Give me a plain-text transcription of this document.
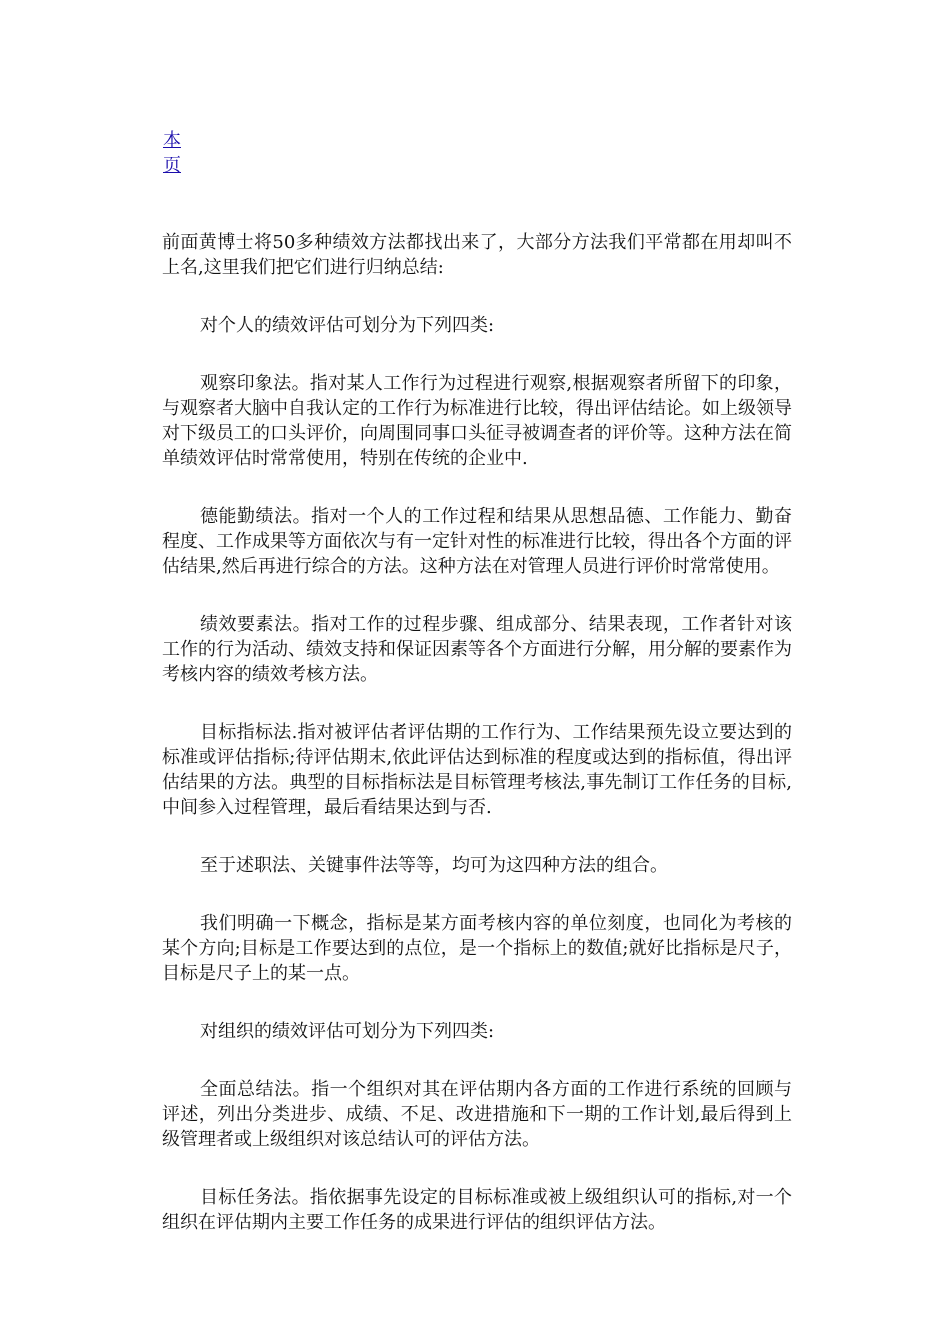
本
页

前面黄博士将50多种绩效方法都找出来了，大部分方法我们平常都在用却叫不上名,这里我们把它们进行归纳总结:

对个人的绩效评估可划分为下列四类:

观察印象法。指对某人工作行为过程进行观察,根据观察者所留下的印象，与观察者大脑中自我认定的工作行为标准进行比较，得出评估结论。如上级领导对下级员工的口头评价，向周围同事口头征寻被调查者的评价等。这种方法在简单绩效评估时常常使用，特别在传统的企业中.

德能勤绩法。指对一个人的工作过程和结果从思想品德、工作能力、勤奋程度、工作成果等方面依次与有一定针对性的标准进行比较，得出各个方面的评估结果,然后再进行综合的方法。这种方法在对管理人员进行评价时常常使用。

绩效要素法。指对工作的过程步骤、组成部分、结果表现，工作者针对该工作的行为活动、绩效支持和保证因素等各个方面进行分解，用分解的要素作为考核内容的绩效考核方法。

目标指标法.指对被评估者评估期的工作行为、工作结果预先设立要达到的标准或评估指标;待评估期末,依此评估达到标准的程度或达到的指标值，得出评估结果的方法。典型的目标指标法是目标管理考核法,事先制订工作任务的目标,中间参入过程管理，最后看结果达到与否.

至于述职法、关键事件法等等，均可为这四种方法的组合。

我们明确一下概念，指标是某方面考核内容的单位刻度，也同化为考核的某个方向;目标是工作要达到的点位，是一个指标上的数值;就好比指标是尺子，目标是尺子上的某一点。

对组织的绩效评估可划分为下列四类:

全面总结法。指一个组织对其在评估期内各方面的工作进行系统的回顾与评述，列出分类进步、成绩、不足、改进措施和下一期的工作计划,最后得到上级管理者或上级组织对该总结认可的评估方法。

目标任务法。指依据事先设定的目标标准或被上级组织认可的指标,对一个组织在评估期内主要工作任务的成果进行评估的组织评估方法。
